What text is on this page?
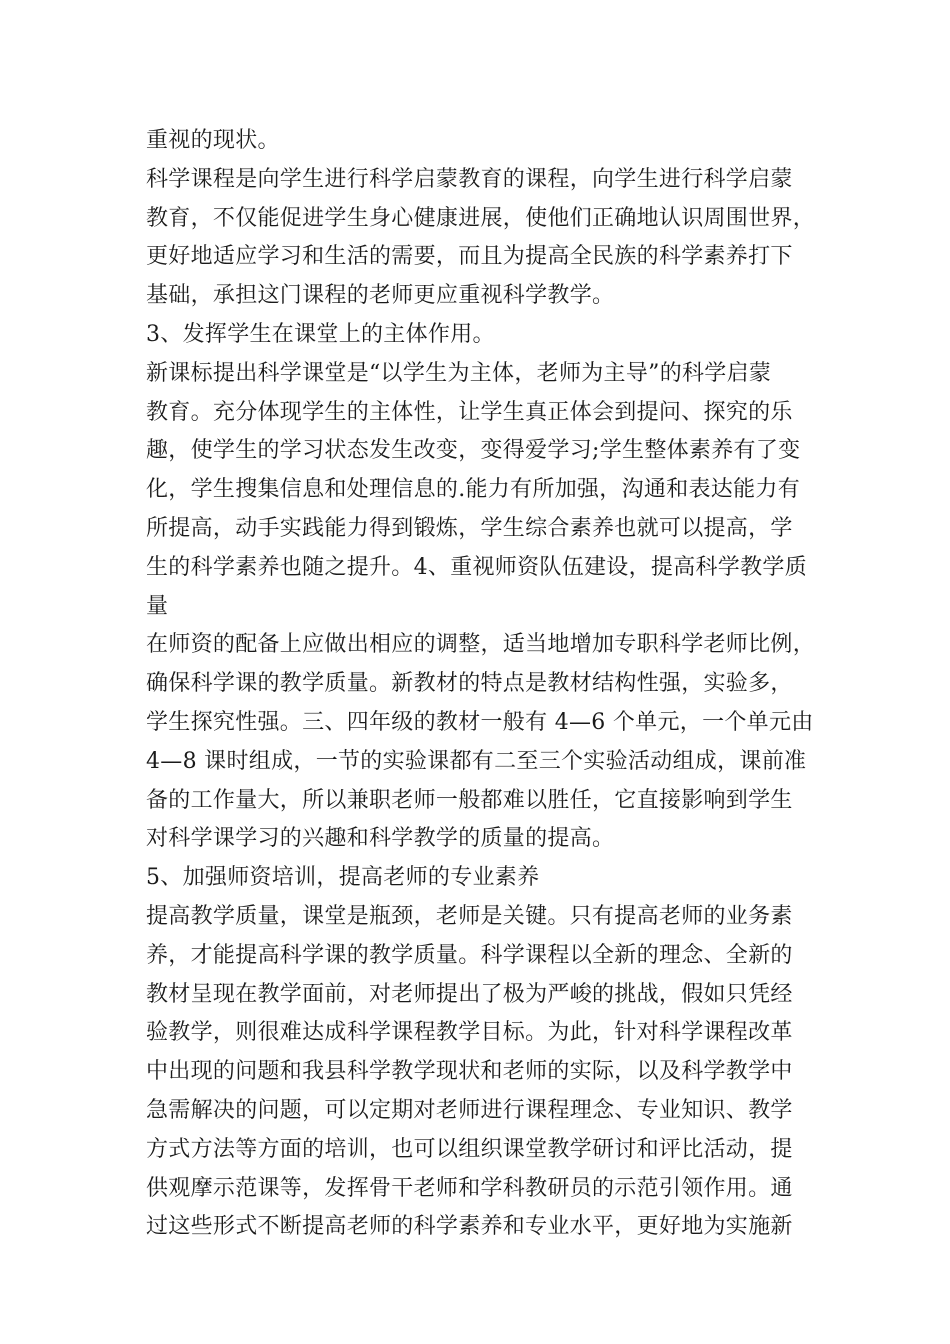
重视的现状。
科学课程是向学生进行科学启蒙教育的课程，向学生进行科学启蒙
教育，不仅能促进学生身心健康进展，使他们正确地认识周围世界，
更好地适应学习和生活的需要，而且为提高全民族的科学素养打下
基础，承担这门课程的老师更应重视科学教学。
3、发挥学生在课堂上的主体作用。
新课标提出科学课堂是“以学生为主体，老师为主导”的科学启蒙
教育。充分体现学生的主体性，让学生真正体会到提问、探究的乐
趣，使学生的学习状态发生改变，变得爱学习;学生整体素养有了变
化，学生搜集信息和处理信息的.能力有所加强，沟通和表达能力有
所提高，动手实践能力得到锻炼，学生综合素养也就可以提高，学
生的科学素养也随之提升。4、重视师资队伍建设，提高科学教学质
量
在师资的配备上应做出相应的调整，适当地增加专职科学老师比例，
确保科学课的教学质量。新教材的特点是教材结构性强，实验多，
学生探究性强。三、四年级的教材一般有 4—6 个单元，一个单元由
4—8 课时组成，一节的实验课都有二至三个实验活动组成，课前准
备的工作量大，所以兼职老师一般都难以胜任，它直接影响到学生
对科学课学习的兴趣和科学教学的质量的提高。
5、加强师资培训，提高老师的专业素养
提高教学质量，课堂是瓶颈，老师是关键。只有提高老师的业务素
养，才能提高科学课的教学质量。科学课程以全新的理念、全新的
教材呈现在教学面前，对老师提出了极为严峻的挑战，假如只凭经
验教学，则很难达成科学课程教学目标。为此，针对科学课程改革
中出现的问题和我县科学教学现状和老师的实际，以及科学教学中
急需解决的问题，可以定期对老师进行课程理念、专业知识、教学
方式方法等方面的培训，也可以组织课堂教学研讨和评比活动，提
供观摩示范课等，发挥骨干老师和学科教研员的示范引领作用。通
过这些形式不断提高老师的科学素养和专业水平，更好地为实施新
